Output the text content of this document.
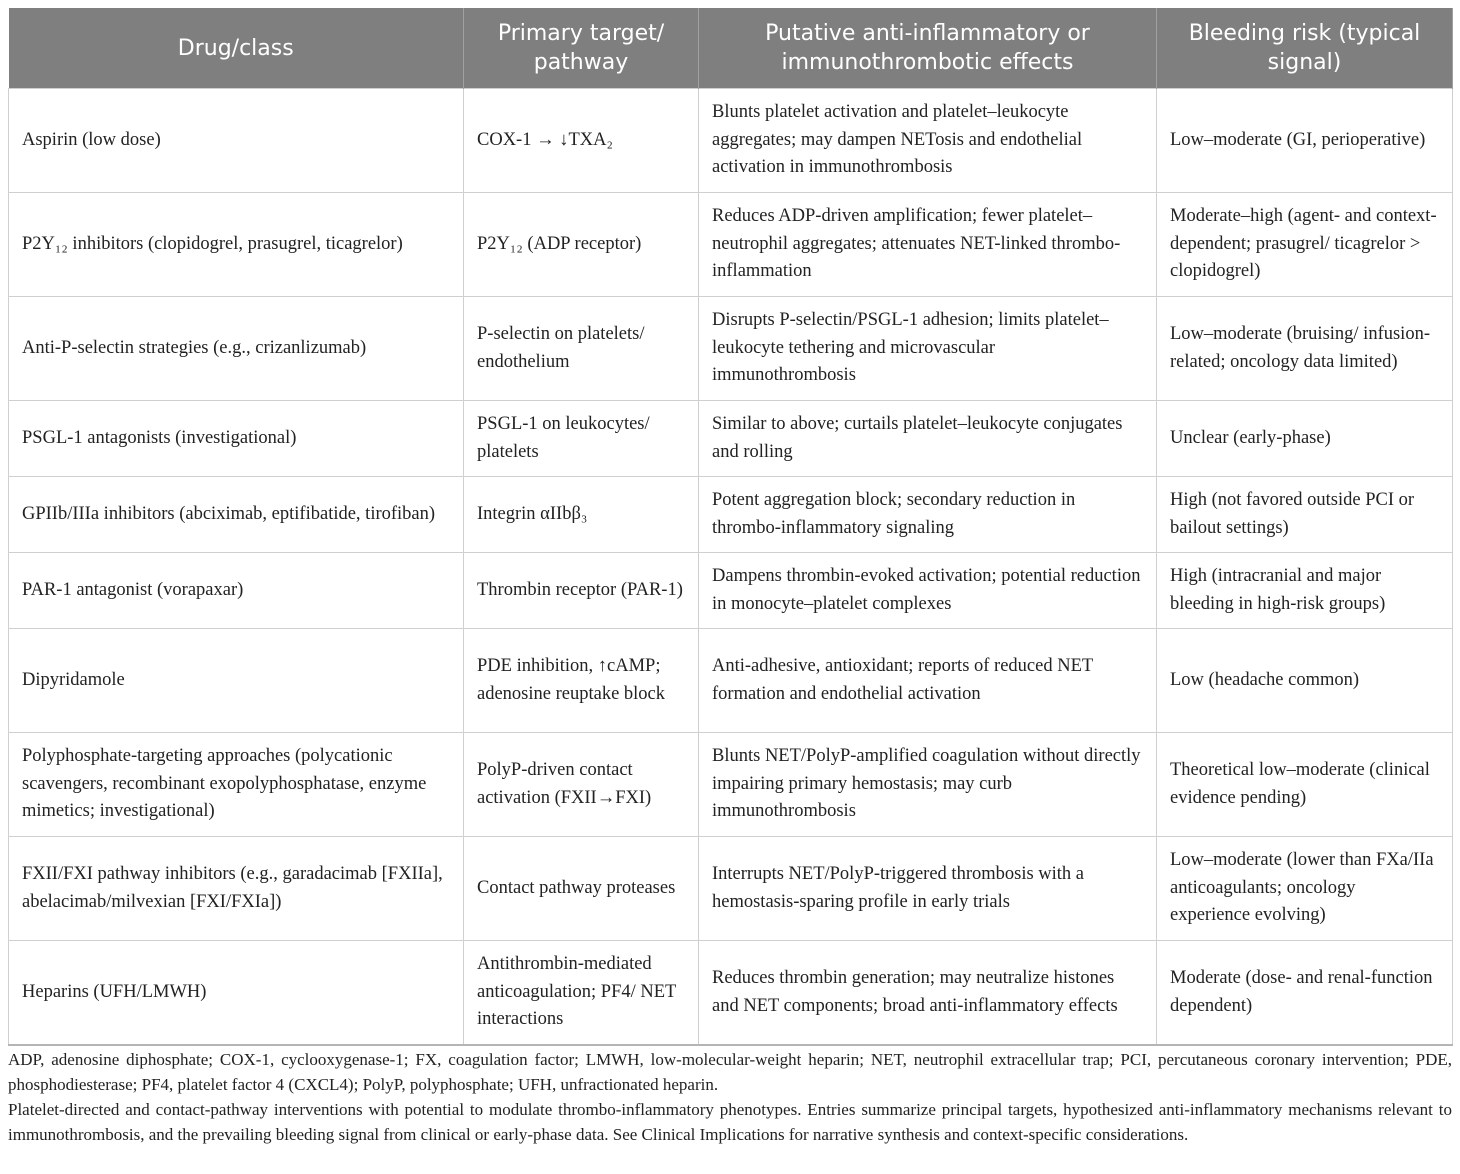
Drug/class	Primary target/ pathway	Putative anti-inflammatory or immunothrombotic effects	Bleeding risk (typical signal)
Aspirin (low dose)	COX-1 → ↓TXA₂	Blunts platelet activation and platelet–leukocyte aggregates; may dampen NETosis and endothelial activation in immunothrombosis	Low–moderate (GI, perioperative)
P2Y₁₂ inhibitors (clopidogrel, prasugrel, ticagrelor)	P2Y₁₂ (ADP receptor)	Reduces ADP-driven amplification; fewer platelet–neutrophil aggregates; attenuates NET-linked thrombo-inflammation	Moderate–high (agent- and context-dependent; prasugrel/ ticagrelor > clopidogrel)
Anti-P-selectin strategies (e.g., crizanlizumab)	P-selectin on platelets/ endothelium	Disrupts P-selectin/PSGL-1 adhesion; limits platelet–leukocyte tethering and microvascular immunothrombosis	Low–moderate (bruising/ infusion-related; oncology data limited)
PSGL-1 antagonists (investigational)	PSGL-1 on leukocytes/ platelets	Similar to above; curtails platelet–leukocyte conjugates and rolling	Unclear (early-phase)
GPIIb/IIIa inhibitors (abciximab, eptifibatide, tirofiban)	Integrin αIIbβ₃	Potent aggregation block; secondary reduction in thrombo-inflammatory signaling	High (not favored outside PCI or bailout settings)
PAR-1 antagonist (vorapaxar)	Thrombin receptor (PAR-1)	Dampens thrombin-evoked activation; potential reduction in monocyte–platelet complexes	High (intracranial and major bleeding in high-risk groups)
Dipyridamole	PDE inhibition, ↑cAMP; adenosine reuptake block	Anti-adhesive, antioxidant; reports of reduced NET formation and endothelial activation	Low (headache common)
Polyphosphate-targeting approaches (polycationic scavengers, recombinant exopolyphosphatase, enzyme mimetics; investigational)	PolyP-driven contact activation (FXII→FXI)	Blunts NET/PolyP-amplified coagulation without directly impairing primary hemostasis; may curb immunothrombosis	Theoretical low–moderate (clinical evidence pending)
FXII/FXI pathway inhibitors (e.g., garadacimab [FXIIa], abelacimab/milvexian [FXI/FXIa])	Contact pathway proteases	Interrupts NET/PolyP-triggered thrombosis with a hemostasis-sparing profile in early trials	Low–moderate (lower than FXa/IIa anticoagulants; oncology experience evolving)
Heparins (UFH/LMWH)	Antithrombin-mediated anticoagulation; PF4/ NET interactions	Reduces thrombin generation; may neutralize histones and NET components; broad anti-inflammatory effects	Moderate (dose- and renal-function dependent)
ADP, adenosine diphosphate; COX-1, cyclooxygenase-1; FX, coagulation factor; LMWH, low-molecular-weight heparin; NET, neutrophil extracellular trap; PCI, percutaneous coronary intervention; PDE, phosphodiesterase; PF4, platelet factor 4 (CXCL4); PolyP, polyphosphate; UFH, unfractionated heparin.
Platelet-directed and contact-pathway interventions with potential to modulate thrombo-inflammatory phenotypes. Entries summarize principal targets, hypothesized anti-inflammatory mechanisms relevant to immunothrombosis, and the prevailing bleeding signal from clinical or early-phase data. See Clinical Implications for narrative synthesis and context-specific considerations.
